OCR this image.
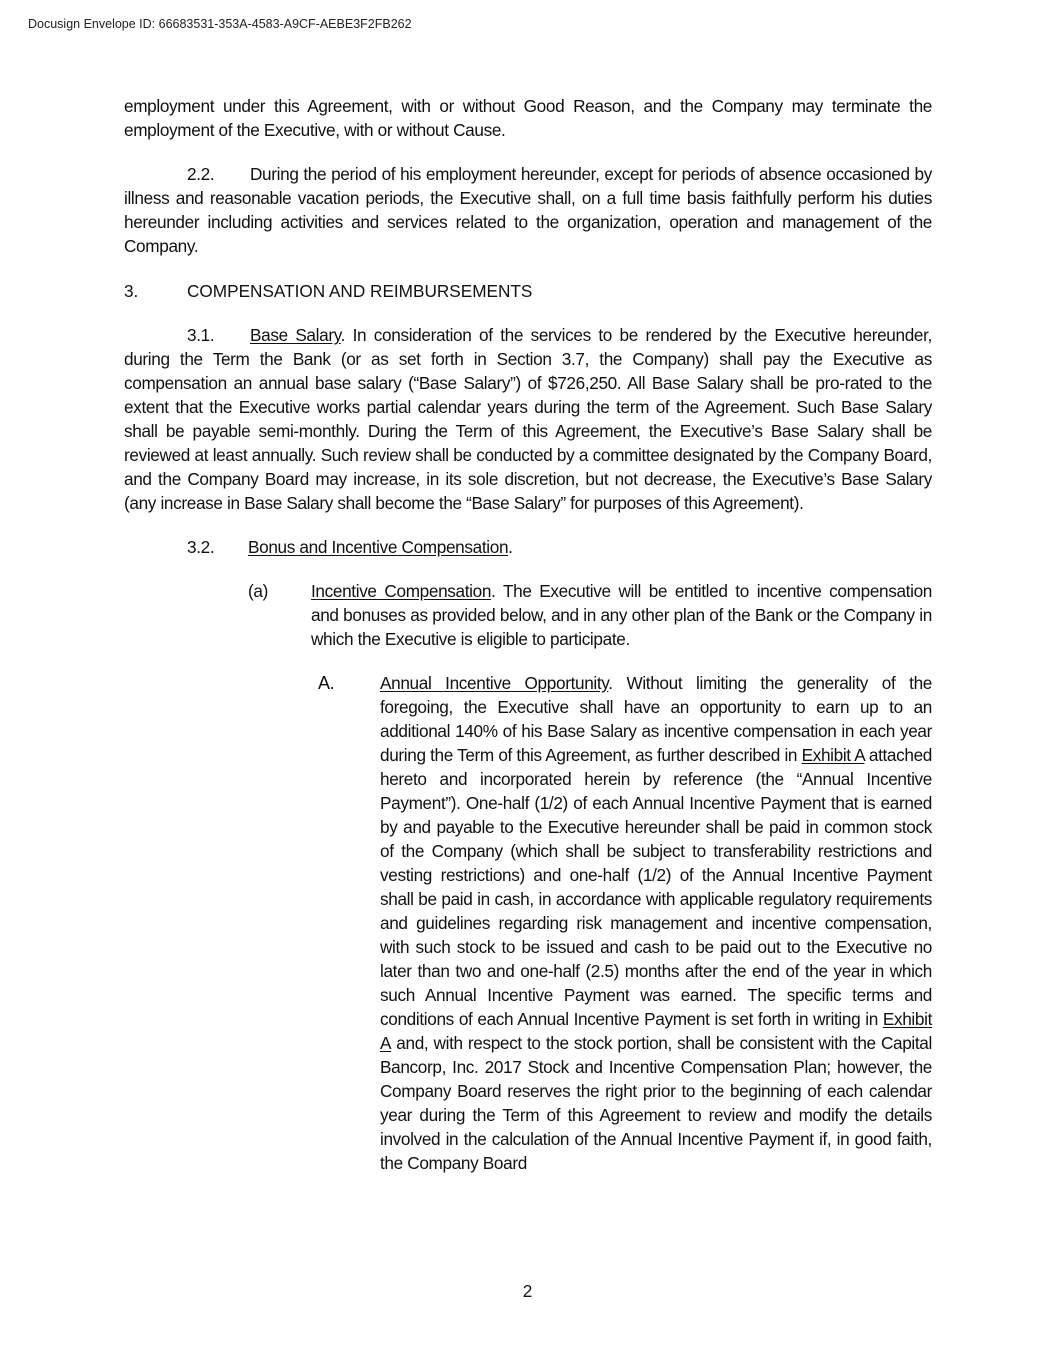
Docusign Envelope ID: 66683531-353A-4583-A9CF-AEBE3F2FB262

employment under this Agreement, with or without Good Reason, and the Company may terminate the employment of the Executive, with or without Cause.

2.2. During the period of his employment hereunder, except for periods of absence occasioned by illness and reasonable vacation periods, the Executive shall, on a full time basis faithfully perform his duties hereunder including activities and services related to the organization, operation and management of the Company.

3.	COMPENSATION AND REIMBURSEMENTS

3.1. Base Salary. In consideration of the services to be rendered by the Executive hereunder, during the Term the Bank (or as set forth in Section 3.7, the Company) shall pay the Executive as compensation an annual base salary (“Base Salary”) of $726,250. All Base Salary shall be pro-rated to the extent that the Executive works partial calendar years during the term of the Agreement. Such Base Salary shall be payable semi-monthly. During the Term of this Agreement, the Executive’s Base Salary shall be reviewed at least annually. Such review shall be conducted by a committee designated by the Company Board, and the Company Board may increase, in its sole discretion, but not decrease, the Executive’s Base Salary (any increase in Base Salary shall become the “Base Salary” for purposes of this Agreement).

3.2. Bonus and Incentive Compensation.

(a)	Incentive Compensation. The Executive will be entitled to incentive compensation and bonuses as provided below, and in any other plan of the Bank or the Company in which the Executive is eligible to participate.

A.	Annual Incentive Opportunity. Without limiting the generality of the foregoing, the Executive shall have an opportunity to earn up to an additional 140% of his Base Salary as incentive compensation in each year during the Term of this Agreement, as further described in Exhibit A attached hereto and incorporated herein by reference (the “Annual Incentive Payment”). One-half (1/2) of each Annual Incentive Payment that is earned by and payable to the Executive hereunder shall be paid in common stock of the Company (which shall be subject to transferability restrictions and vesting restrictions) and one-half (1/2) of the Annual Incentive Payment shall be paid in cash, in accordance with applicable regulatory requirements and guidelines regarding risk management and incentive compensation, with such stock to be issued and cash to be paid out to the Executive no later than two and one-half (2.5) months after the end of the year in which such Annual Incentive Payment was earned. The specific terms and conditions of each Annual Incentive Payment is set forth in writing in Exhibit A and, with respect to the stock portion, shall be consistent with the Capital Bancorp, Inc. 2017 Stock and Incentive Compensation Plan; however, the Company Board reserves the right prior to the beginning of each calendar year during the Term of this Agreement to review and modify the details involved in the calculation of the Annual Incentive Payment if, in good faith, the Company Board

2
